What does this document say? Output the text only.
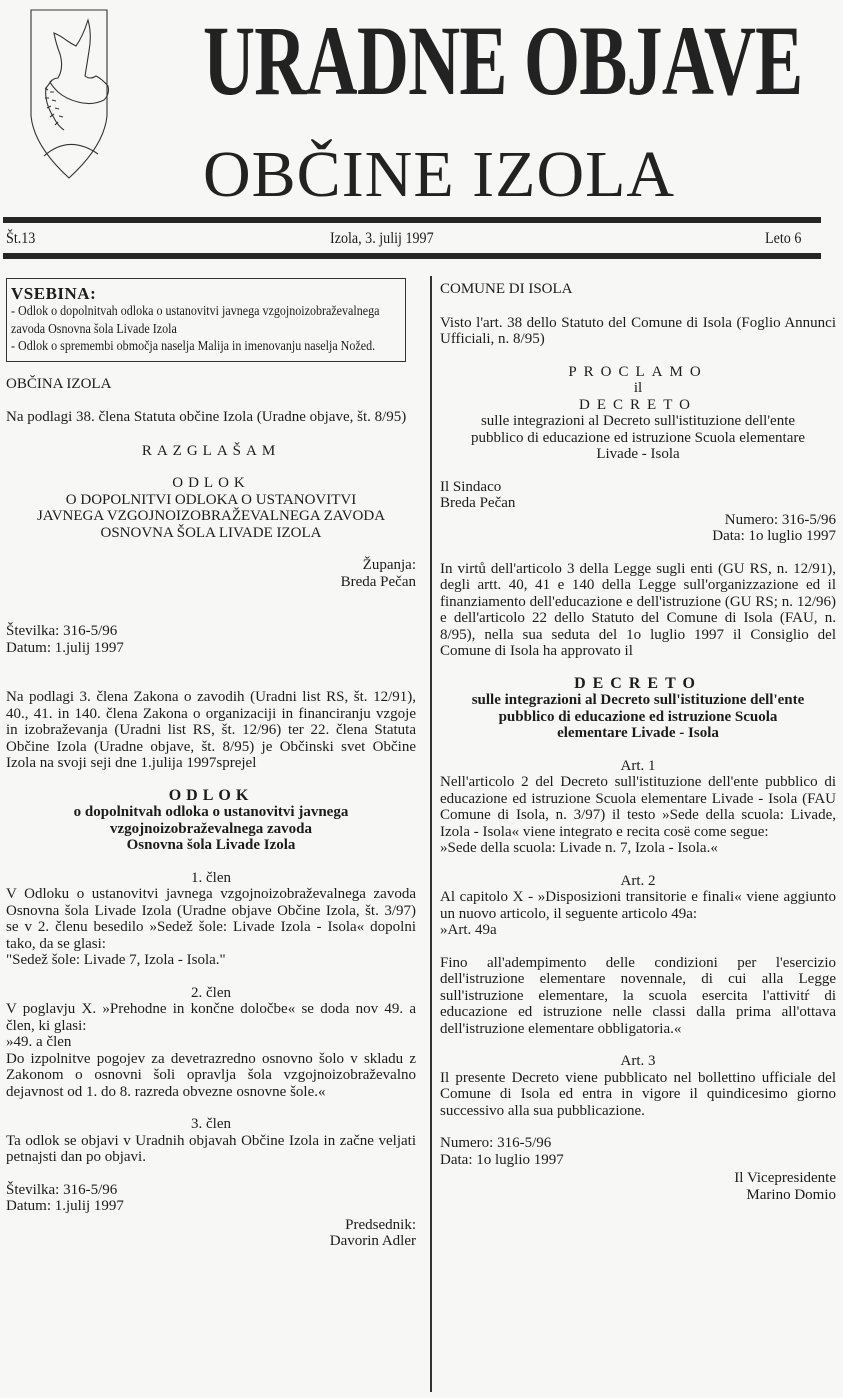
URADNE OBJAVE
OBČINE IZOLA
Št.13	Izola, 3. julij 1997	Leto 6
VSEBINA:
- Odlok o dopolnitvah odloka o ustanovitvi javnega vzgojnoizobraževalnega
zavoda Osnovna šola Livade Izola
- Odlok o spremembi območja naselja Malija in imenovanju naselja Nožed.

OBČINA IZOLA

Na podlagi 38. člena Statuta občine Izola (Uradne objave, št. 8/95)

RAZGLAŠAM

ODLOK

O DOPOLNITVI ODLOKA O USTANOVITVI

JAVNEGA VZGOJNOIZOBRAŽEVALNEGA ZAVODA

OSNOVNA ŠOLA LIVADE IZOLA

Županja:

Breda Pečan

Številka: 316-5/96

Datum: 1.julij 1997

Na podlagi 3. člena Zakona o zavodih (Uradni list RS, št. 12/91), 40., 41. in 140. člena Zakona o organizaciji in financiranju vzgoje in izobraževanja (Uradni list RS, št. 12/96) ter 22. člena Statuta Občine Izola (Uradne objave, št. 8/95) je Občinski svet Občine Izola na svoji seji dne 1.julija 1997sprejel

ODLOK

o dopolnitvah odloka o ustanovitvi javnega

vzgojnoizobraževalnega zavoda

Osnovna šola Livade Izola

1. člen

V Odloku o ustanovitvi javnega vzgojnoizobraževalnega zavoda Osnovna šola Livade Izola (Uradne objave Občine Izola, št. 3/97) se v 2. členu besedilo »Sedež šole: Livade Izola - Isola« dopolni tako, da se glasi:

"Sedež šole: Livade 7, Izola - Isola."

2. člen

V poglavju X. »Prehodne in končne določbe« se doda nov 49. a člen, ki glasi:

»49. a člen

Do izpolnitve pogojev za devetrazredno osnovno šolo v skladu z Zakonom o osnovni šoli opravlja šola vzgojnoizobraževalno dejavnost od 1. do 8. razreda obvezne osnovne šole.«

3. člen

Ta odlok se objavi v Uradnih objavah Občine Izola in začne veljati petnajsti dan po objavi.

Številka: 316-5/96

Datum: 1.julij 1997

Predsednik:

Davorin Adler

COMUNE DI ISOLA

Visto l'art. 38 dello Statuto del Comune di Isola (Foglio Annunci Ufficiali, n. 8/95)

PROCLAMO

il

DECRETO

sulle integrazioni al Decreto sull'istituzione dell'ente

pubblico di educazione ed istruzione Scuola elementare

Livade - Isola

Il Sindaco

Breda Pečan

Numero: 316-5/96

Data: 1o luglio 1997

In virtů dell'articolo 3 della Legge sugli enti (GU RS, n. 12/91), degli artt. 40, 41 e 140 della Legge sull'organizzazione ed il finanziamento dell'educazione e dell'istruzione (GU RS; n. 12/96) e dell'articolo 22 dello Statuto del Comune di Isola (FAU, n. 8/95), nella sua seduta del 1o luglio 1997 il Consiglio del Comune di Isola ha approvato il

DECRETO

sulle integrazioni al Decreto sull'istituzione dell'ente

pubblico di educazione ed istruzione Scuola

elementare Livade - Isola

Art. 1

Nell'articolo 2 del Decreto sull'istituzione dell'ente pubblico di educazione ed istruzione Scuola elementare Livade - Isola (FAU Comune di Isola, n. 3/97) il testo »Sede della scuola: Livade, Izola - Isola« viene integrato e recita cosë come segue:

»Sede della scuola: Livade n. 7, Izola - Isola.«

Art. 2

Al capitolo X - »Disposizioni transitorie e finali« viene aggiunto un nuovo articolo, il seguente articolo 49a:

»Art. 49a

Fino all'adempimento delle condizioni per l'esercizio dell'istruzione elementare novennale, di cui alla Legge sull'istruzione elementare, la scuola esercita l'attivitŕ di educazione ed istruzione nelle classi dalla prima all'ottava dell'istruzione elementare obbligatoria.«

Art. 3

Il presente Decreto viene pubblicato nel bollettino ufficiale del Comune di Isola ed entra in vigore il quindicesimo giorno successivo alla sua pubblicazione.

Numero: 316-5/96

Data: 1o luglio 1997

Il Vicepresidente

Marino Domio
